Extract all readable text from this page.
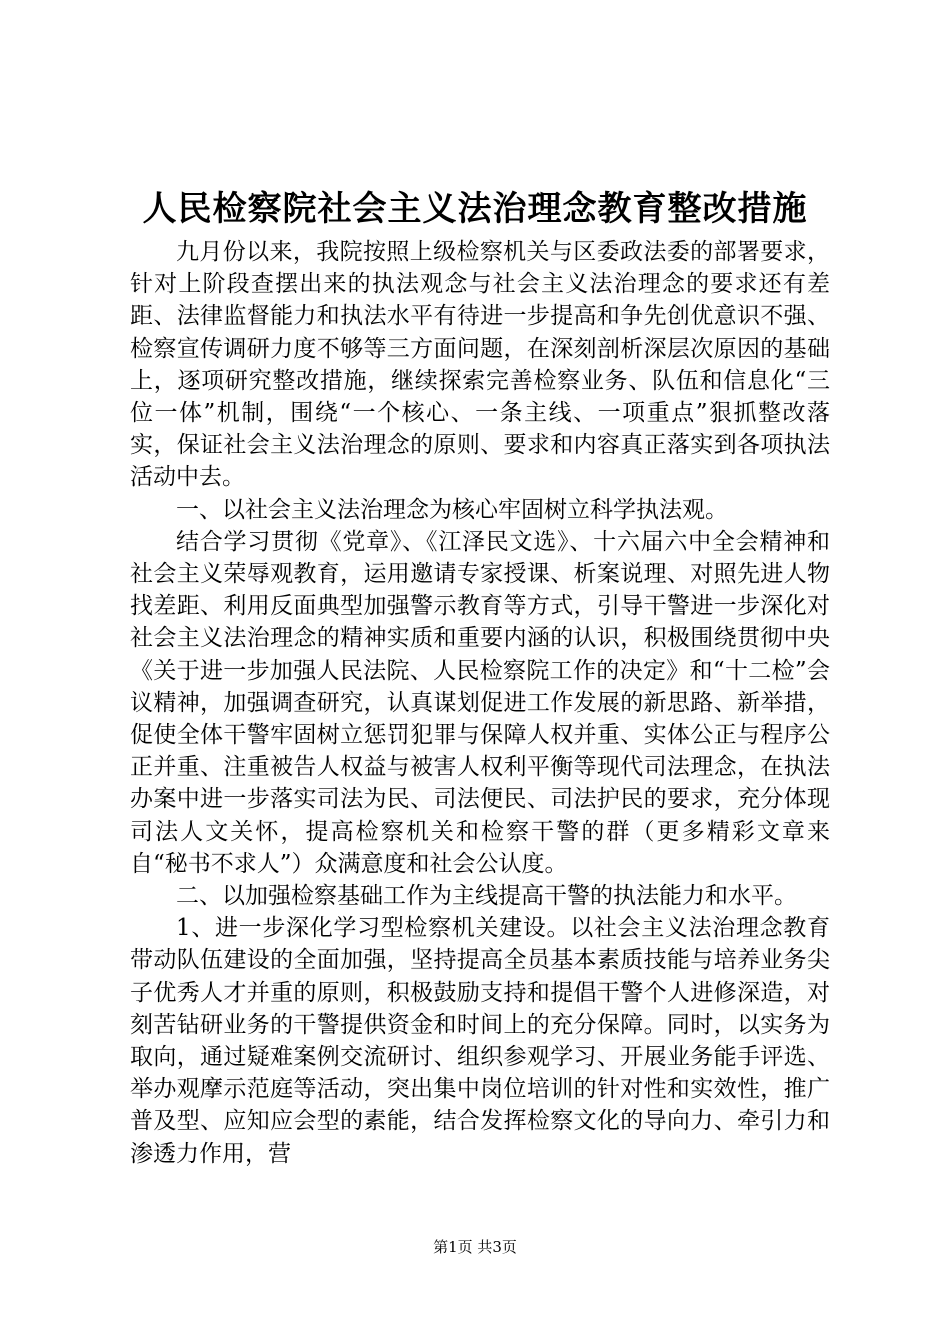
人民检察院社会主义法治理念教育整改措施

九月份以来，我院按照上级检察机关与区委政法委的部署要求，针对上阶段查摆出来的执法观念与社会主义法治理念的要求还有差距、法律监督能力和执法水平有待进一步提高和争先创优意识不强、检察宣传调研力度不够等三方面问题，在深刻剖析深层次原因的基础上，逐项研究整改措施，继续探索完善检察业务、队伍和信息化“三位一体”机制，围绕“一个核心、一条主线、一项重点”狠抓整改落实，保证社会主义法治理念的原则、要求和内容真正落实到各项执法活动中去。

一、以社会主义法治理念为核心牢固树立科学执法观。

结合学习贯彻《党章》、《江泽民文选》、十六届六中全会精神和社会主义荣辱观教育，运用邀请专家授课、析案说理、对照先进人物找差距、利用反面典型加强警示教育等方式，引导干警进一步深化对社会主义法治理念的精神实质和重要内涵的认识，积极围绕贯彻中央《关于进一步加强人民法院、人民检察院工作的决定》和“十二检”会议精神，加强调查研究，认真谋划促进工作发展的新思路、新举措，促使全体干警牢固树立惩罚犯罪与保障人权并重、实体公正与程序公正并重、注重被告人权益与被害人权利平衡等现代司法理念，在执法办案中进一步落实司法为民、司法便民、司法护民的要求，充分体现司法人文关怀，提高检察机关和检察干警的群（更多精彩文章来自“秘书不求人”）众满意度和社会公认度。

二、以加强检察基础工作为主线提高干警的执法能力和水平。

1、进一步深化学习型检察机关建设。以社会主义法治理念教育带动队伍建设的全面加强，坚持提高全员基本素质技能与培养业务尖子优秀人才并重的原则，积极鼓励支持和提倡干警个人进修深造，对刻苦钻研业务的干警提供资金和时间上的充分保障。同时，以实务为取向，通过疑难案例交流研讨、组织参观学习、开展业务能手评选、举办观摩示范庭等活动，突出集中岗位培训的针对性和实效性，推广普及型、应知应会型的素能，结合发挥检察文化的导向力、牵引力和渗透力作用，营

第1页 共3页
